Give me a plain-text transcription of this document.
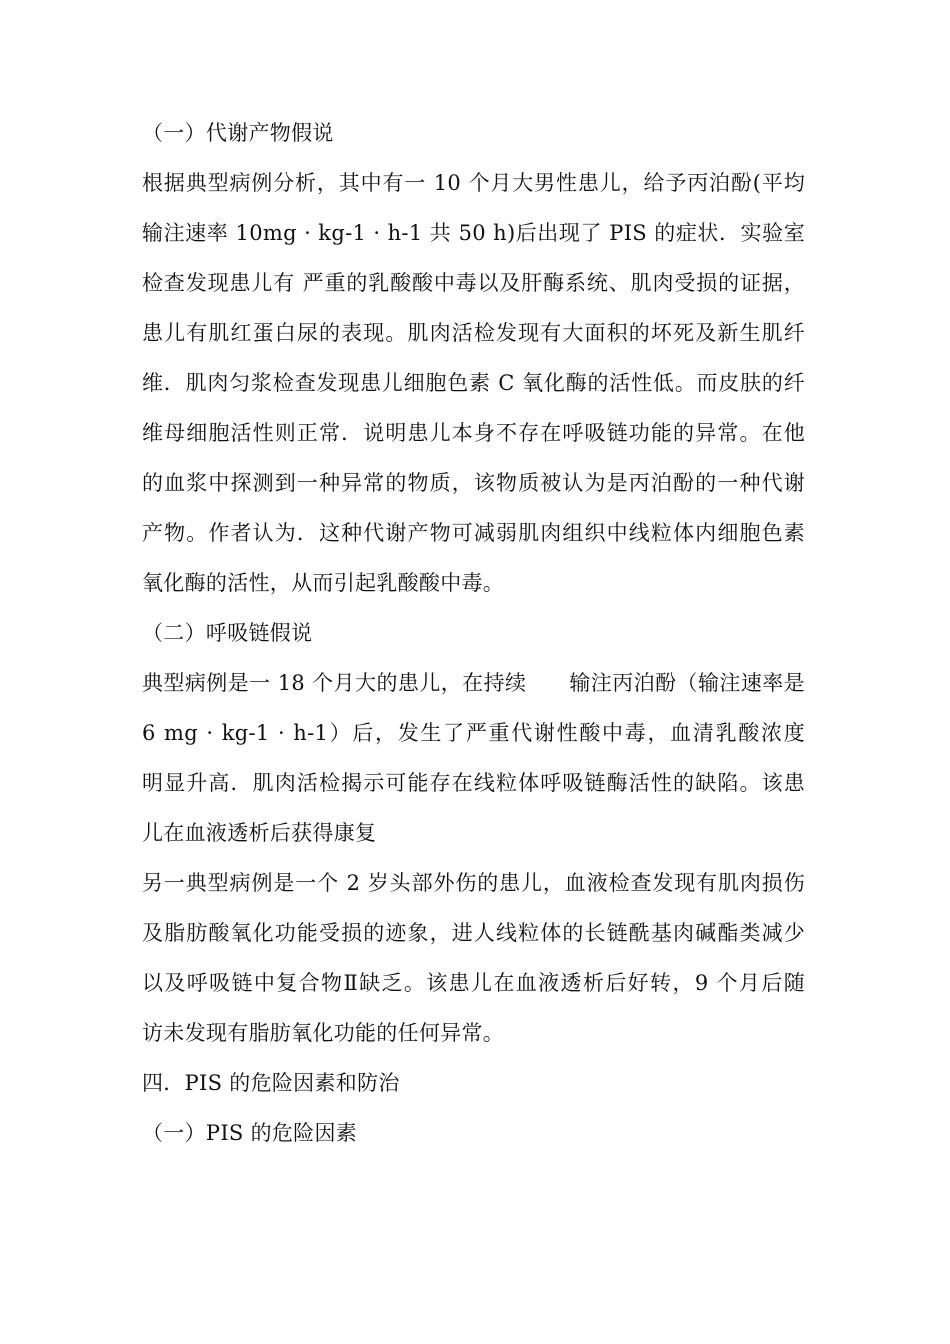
（一）代谢产物假说
根据典型病例分析，其中有一 10 个月大男性患儿，给予丙泊酚(平均
输注速率 10mg · kg-1 · h-1 共 50 h)后出现了 PIS 的症状．实验室
检查发现患儿有 严重的乳酸酸中毒以及肝酶系统、肌肉受损的证据，
患儿有肌红蛋白尿的表现。肌肉活检发现有大面积的坏死及新生肌纤
维．肌肉匀浆检查发现患儿细胞色素 C 氧化酶的活性低。而皮肤的纤
维母细胞活性则正常．说明患儿本身不存在呼吸链功能的异常。在他
的血浆中探测到一种异常的物质，该物质被认为是丙泊酚的一种代谢
产物。作者认为．这种代谢产物可减弱肌肉组织中线粒体内细胞色素
氧化酶的活性，从而引起乳酸酸中毒。
（二）呼吸链假说
典型病例是一 18 个月大的患儿，在持续　　输注丙泊酚（输注速率是
6 mg · kg-1 · h-1）后，发生了严重代谢性酸中毒，血清乳酸浓度
明显升高．肌肉活检揭示可能存在线粒体呼吸链酶活性的缺陷。该患
儿在血液透析后获得康复
另一典型病例是一个 2 岁头部外伤的患儿，血液检查发现有肌肉损伤
及脂肪酸氧化功能受损的迹象，进人线粒体的长链酰基肉碱酯类减少
以及呼吸链中复合物Ⅱ缺乏。该患儿在血液透析后好转，9 个月后随
访未发现有脂肪氧化功能的任何异常。
四．PIS 的危险因素和防治
（一）PIS 的危险因素
